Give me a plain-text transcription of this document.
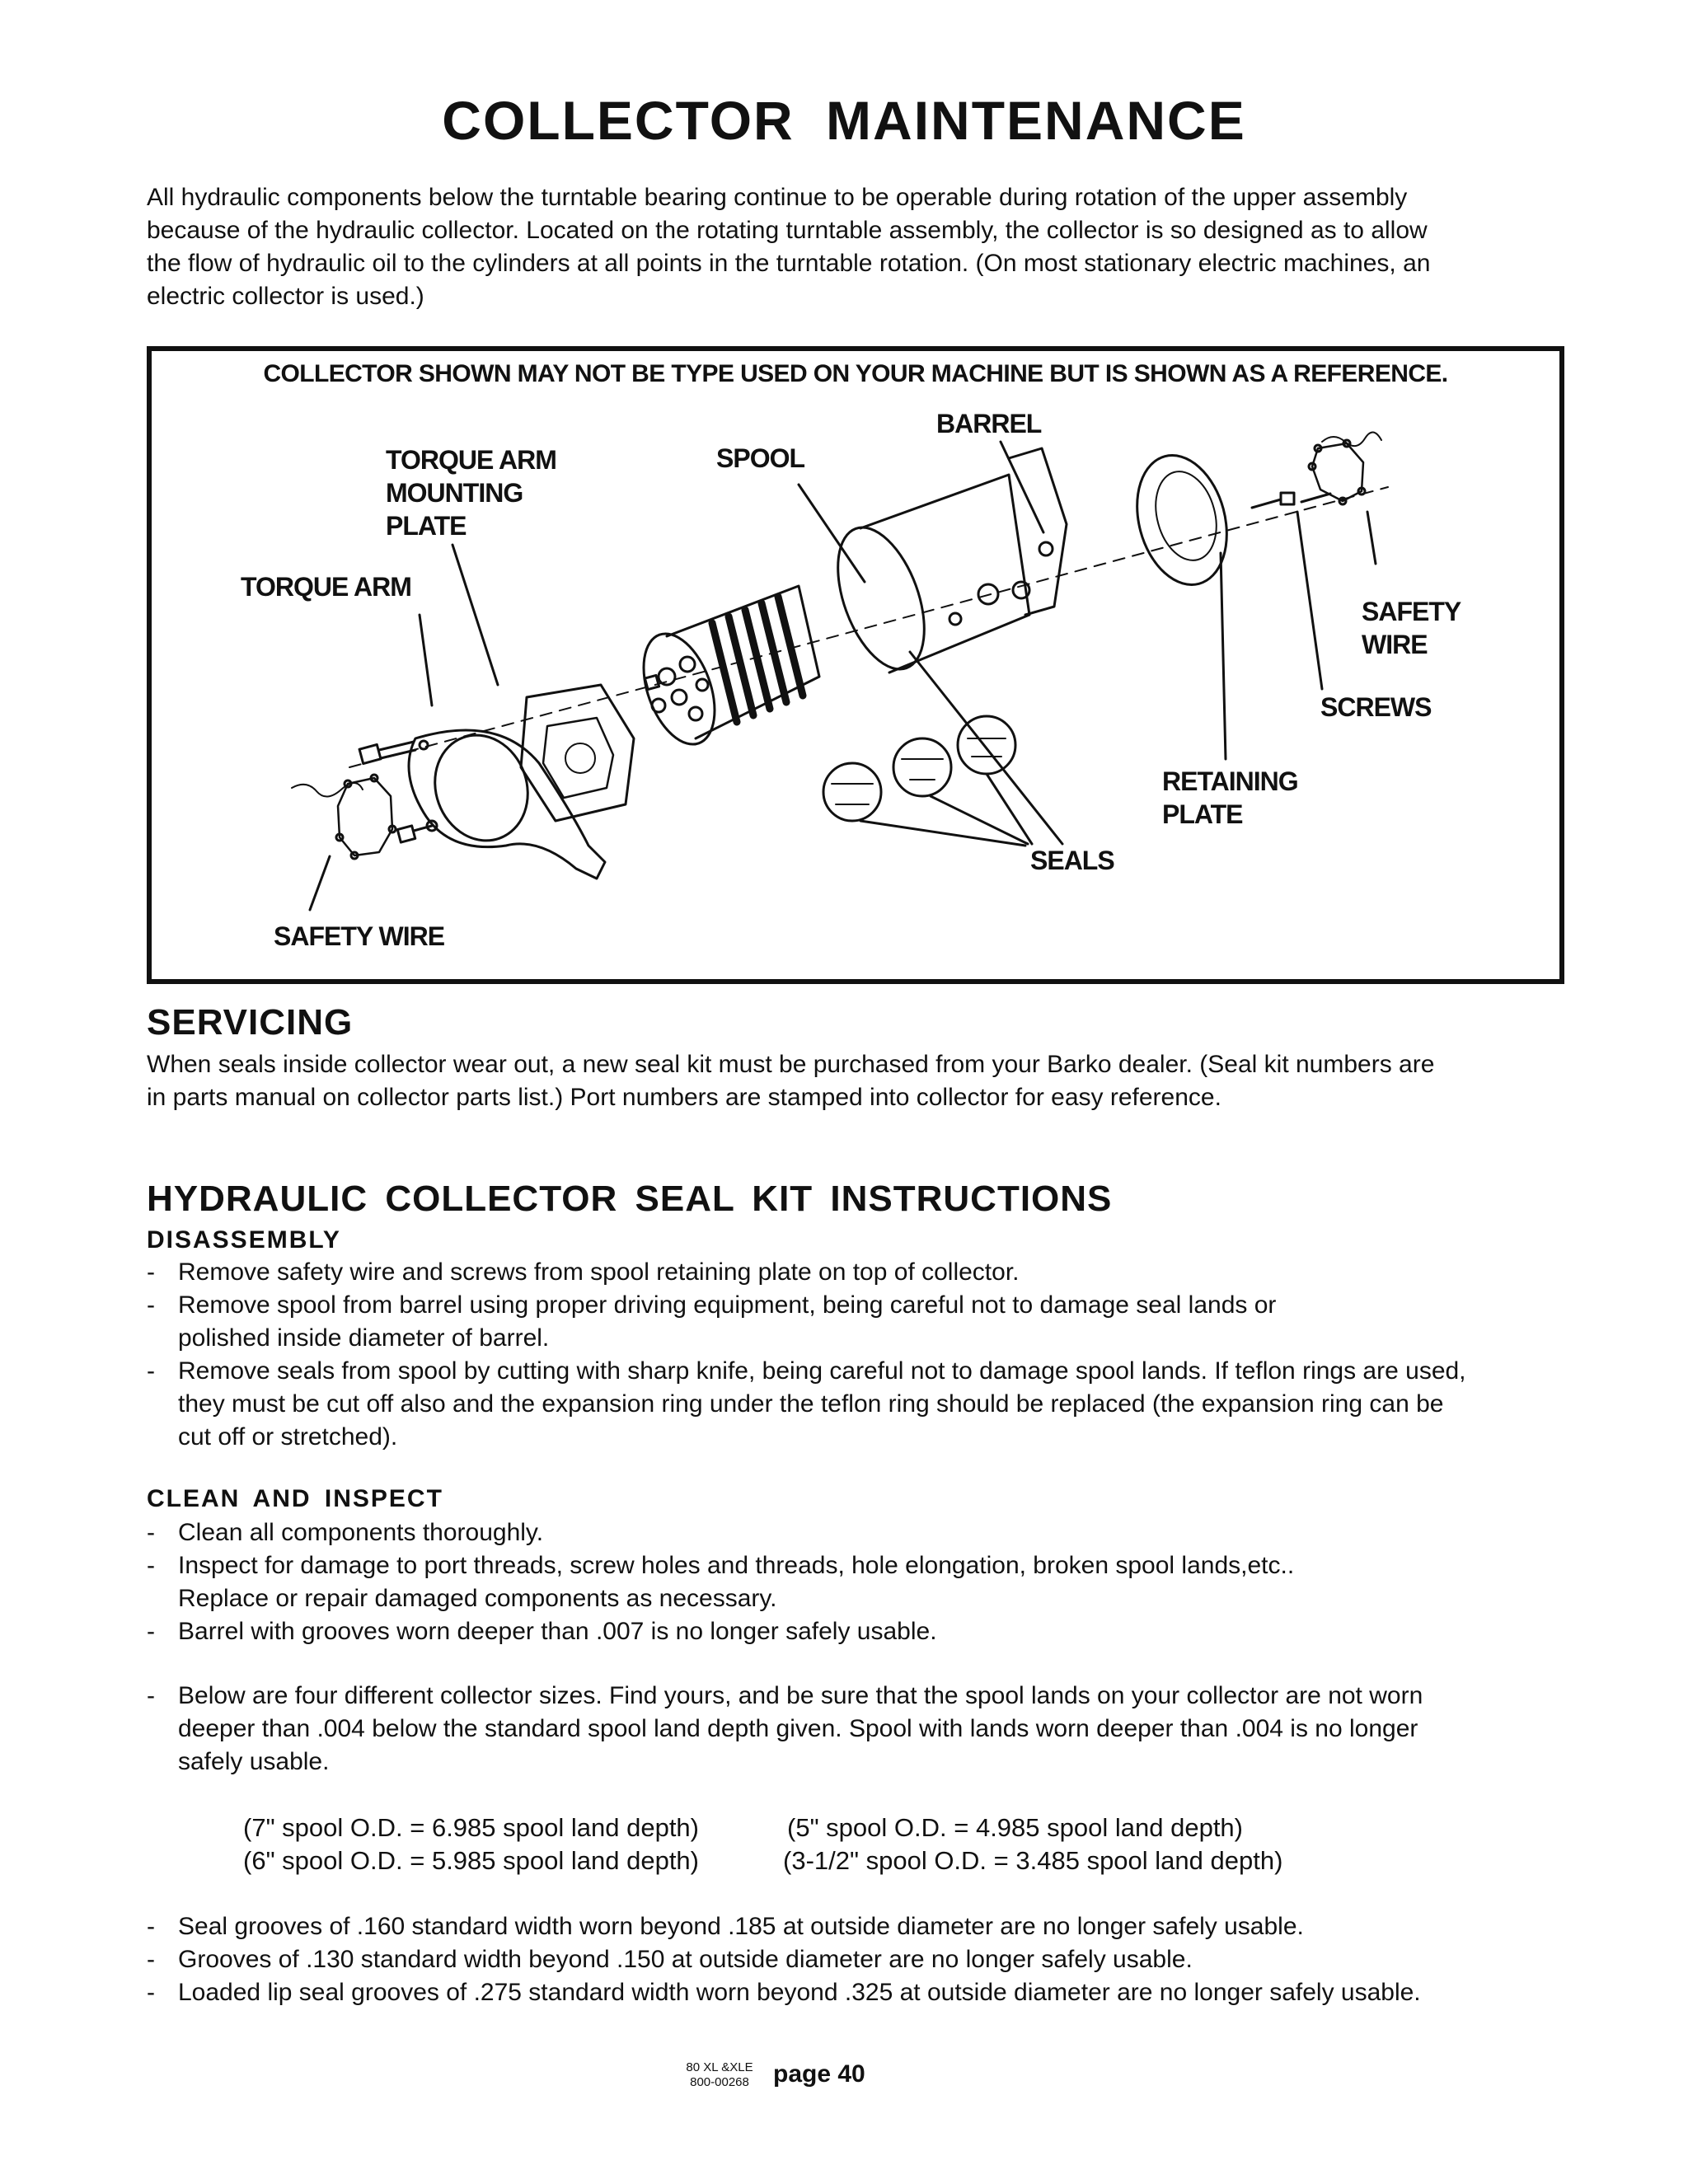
COLLECTOR MAINTENANCE
All hydraulic components below the turntable bearing continue to be operable during rotation of the upper assembly
because of the hydraulic collector. Located on the rotating turntable assembly, the collector is so designed as to allow
the flow of hydraulic oil to the cylinders at all points in the turntable rotation. (On most stationary electric machines, an
electric collector is used.)
COLLECTOR SHOWN MAY NOT BE TYPE USED ON YOUR MACHINE BUT IS SHOWN AS A REFERENCE.
BARREL
TORQUE ARM
MOUNTING
PLATE
SPOOL
TORQUE ARM
SAFETY
WIRE
SCREWS
RETAINING
PLATE
SEALS
SAFETY WIRE
SERVICING
When seals inside collector wear out, a new seal kit must be purchased from your Barko dealer. (Seal kit numbers are
in parts manual on collector parts list.) Port numbers are stamped into collector for easy reference.
HYDRAULIC COLLECTOR SEAL KIT INSTRUCTIONS
DISASSEMBLY
- Remove safety wire and screws from spool retaining plate on top of collector.
- Remove spool from barrel using proper driving equipment, being careful not to damage seal lands or
polished inside diameter of barrel.
- Remove seals from spool by cutting with sharp knife, being careful not to damage spool lands. If teflon rings are used,
they must be cut off also and the expansion ring under the teflon ring should be replaced (the expansion ring can be
cut off or stretched).
CLEAN AND INSPECT
- Clean all components thoroughly.
- Inspect for damage to port threads, screw holes and threads, hole elongation, broken spool lands,etc..
Replace or repair damaged components as necessary.
- Barrel with grooves worn deeper than .007 is no longer safely usable.
- Below are four different collector sizes. Find yours, and be sure that the spool lands on your collector are not worn
deeper than .004 below the standard spool land depth given. Spool with lands worn deeper than .004 is no longer
safely usable.
(7" spool O.D. = 6.985 spool land depth)	(5" spool O.D. = 4.985 spool land depth)
(6" spool O.D. = 5.985 spool land depth)	(3-1/2" spool O.D. = 3.485 spool land depth)
- Seal grooves of .160 standard width worn beyond .185 at outside diameter are no longer safely usable.
- Grooves of .130 standard width beyond .150 at outside diameter are no longer safely usable.
- Loaded lip seal grooves of .275 standard width worn beyond .325 at outside diameter are no longer safely usable.
80 XL &XLE
800-00268 page 40
